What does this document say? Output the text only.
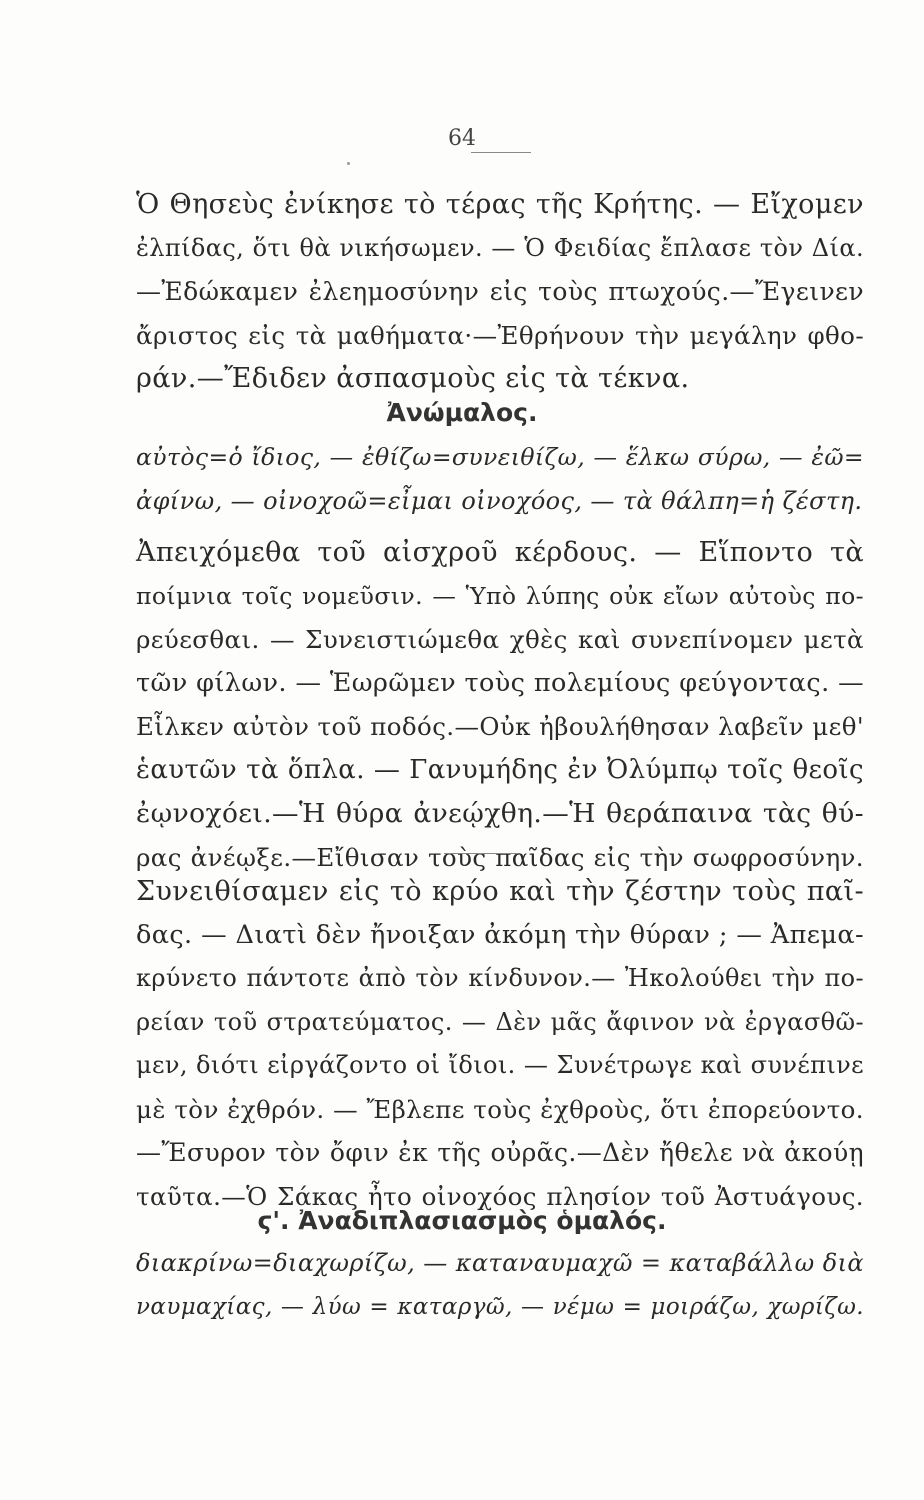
64
Ὁ Θησεὺς ἐνίκησε τὸ τέρας τῆς Κρήτης. — Εἴχομεν
ἐλπίδας, ὅτι θὰ νικήσωμεν. — Ὁ Φειδίας ἔπλασε τὸν Δία.
—Ἐδώκαμεν ἐλεημοσύνην εἰς τοὺς πτωχούς.—Ἔγεινεν
ἄριστος εἰς τὰ μαθήματα·—Ἐθρήνουν τὴν μεγάλην φθο-
ράν.—Ἔδιδεν ἀσπασμοὺς εἰς τὰ τέκνα.
Ἀνώμαλος.
αὐτὸς=ὁ ἴδιος, — ἐθίζω=συνειθίζω, — ἕλκω σύρω, — ἐῶ=
ἀφίνω, — οἰνοχοῶ=εἶμαι οἰνοχόος, — τὰ θάλπη=ἡ ζέστη.
Ἀπειχόμεθα τοῦ αἰσχροῦ κέρδους. — Εἵποντο τὰ
ποίμνια τοῖς νομεῦσιν. — Ὑπὸ λύπης οὐκ εἴων αὐτοὺς πο-
ρεύεσθαι. — Συνειστιώμεθα χθὲς καὶ συνεπίνομεν μετὰ
τῶν φίλων. — Ἑωρῶμεν τοὺς πολεμίους φεύγοντας. —
Εἷλκεν αὐτὸν τοῦ ποδός.—Οὐκ ἠβουλήθησαν λαβεῖν μεθ'
ἑαυτῶν τὰ ὅπλα. — Γανυμήδης ἐν Ὀλύμπῳ τοῖς θεοῖς
ἐῳνοχόει.—Ἡ θύρα ἀνεῴχθη.—Ἡ θεράπαινα τὰς θύ-
ρας ἀνέῳξε.—Εἴθισαν τοὺς παῖδας εἰς τὴν σωφροσύνην.
Συνειθίσαμεν εἰς τὸ κρύο καὶ τὴν ζέστην τοὺς παῖ-
δας. — Διατὶ δὲν ἤνοιξαν ἀκόμη τὴν θύραν ; — Ἀπεμα-
κρύνετο πάντοτε ἀπὸ τὸν κίνδυνον.— Ἠκολούθει τὴν πο-
ρείαν τοῦ στρατεύματος. — Δὲν μᾶς ἄφινον νὰ ἐργασθῶ-
μεν, διότι εἰργάζοντο οἱ ἴδιοι. — Συνέτρωγε καὶ συνέπινε
μὲ τὸν ἐχθρόν. — Ἔβλεπε τοὺς ἐχθροὺς, ὅτι ἐπορεύοντο.
—Ἔσυρον τὸν ὄφιν ἐκ τῆς οὐρᾶς.—Δὲν ἤθελε νὰ ἀκούῃ
ταῦτα.—Ὁ Σάκας ἦτο οἰνοχόος πλησίον τοῦ Ἀστυάγους.
ϛ'. Ἀναδιπλασιασμὸς ὁμαλός.
διακρίνω=διαχωρίζω, — καταναυμαχῶ = καταβάλλω διὰ
ναυμαχίας, — λύω = καταργῶ, — νέμω = μοιράζω, χωρίζω.
